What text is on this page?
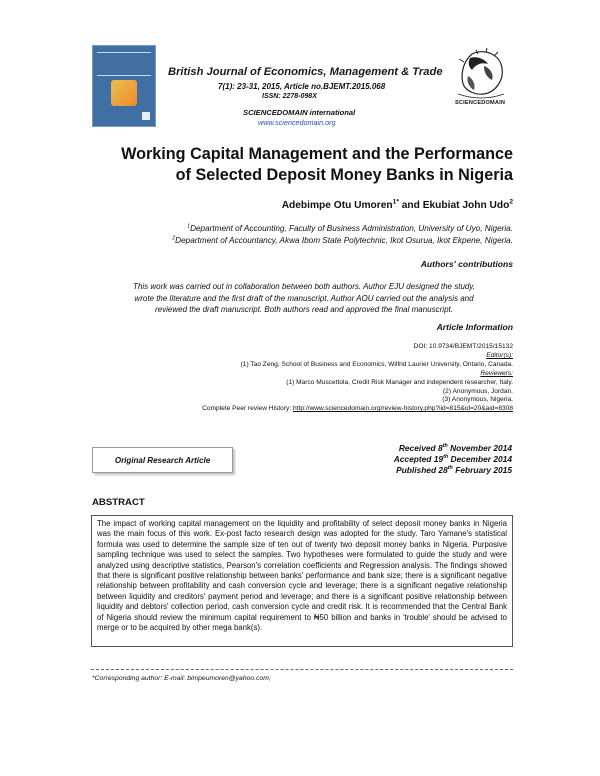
British Journal of Economics, Management & Trade
7(1): 23-31, 2015, Article no.BJEMT.2015.068
ISSN: 2278-098X
SCIENCEDOMAIN international
www.sciencedomain.org
SCIENCEDOMAIN
Working Capital Management and the Performance
of Selected Deposit Money Banks in Nigeria
Adebimpe Otu Umoren$^{1*}$ and Ekubiat John Udo$^2$
$^1$Department of Accounting, Faculty of Business Administration, University of Uyo, Nigeria.
$^2$Department of Accountancy, Akwa Ibom State Polytechnic, Ikot Osurua, Ikot Ekpene, Nigeria.
Authors' contributions
This work was carried out in collaboration between both authors. Author EJU designed the study,
wrote the literature and the first draft of the manuscript. Author AOU carried out the analysis and
reviewed the draft manuscript. Both authors read and approved the final manuscript.
Article Information
DOI: 10.9734/BJEMT/2015/15132
Editor(s):
(1) Tao Zeng, School of Business and Economics, Wilfrid Laurier University, Ontario, Canada.
Reviewers:
(1) Marco Muscettola, Credit Risk Manager and independent researcher, Italy.
(2) Anonymous, Jordan.
(3) Anonymous, Nigeria.
Complete Peer review History: http://www.sciencedomain.org/review-history.php?iid=815&id=20&aid=8308
Original Research Article
Received 8th November 2014
Accepted 19th December 2014
Published 28th February 2015
ABSTRACT
The impact of working capital management on the liquidity and profitability of select deposit money banks in Nigeria was the main focus of this work. Ex-post facto research design was adopted for the study. Taro Yamane's statistical formula was used to determine the sample size of ten out of twenty two deposit money banks in Nigeria. Purposive sampling technique was used to select the samples. Two hypotheses were formulated to guide the study and were analyzed using descriptive statistics, Pearson's correlation coefficients and Regression analysis. The findings showed that there is significant positive relationship between banks' performance and bank size; there is a significant negative relationship between profitability and cash conversion cycle and leverage; there is a significant negative relationship between liquidity and creditors' payment period and leverage; and there is a significant positive relationship between liquidity and debtors' collection period, cash conversion cycle and credit risk. It is recommended that the Central Bank of Nigeria should review the minimum capital requirement to ₦50 billion and banks in 'trouble' should be advised to merge or to be acquired by other mega bank(s).
*Corresponding author: E-mail: bimpeumoren@yahoo.com;
